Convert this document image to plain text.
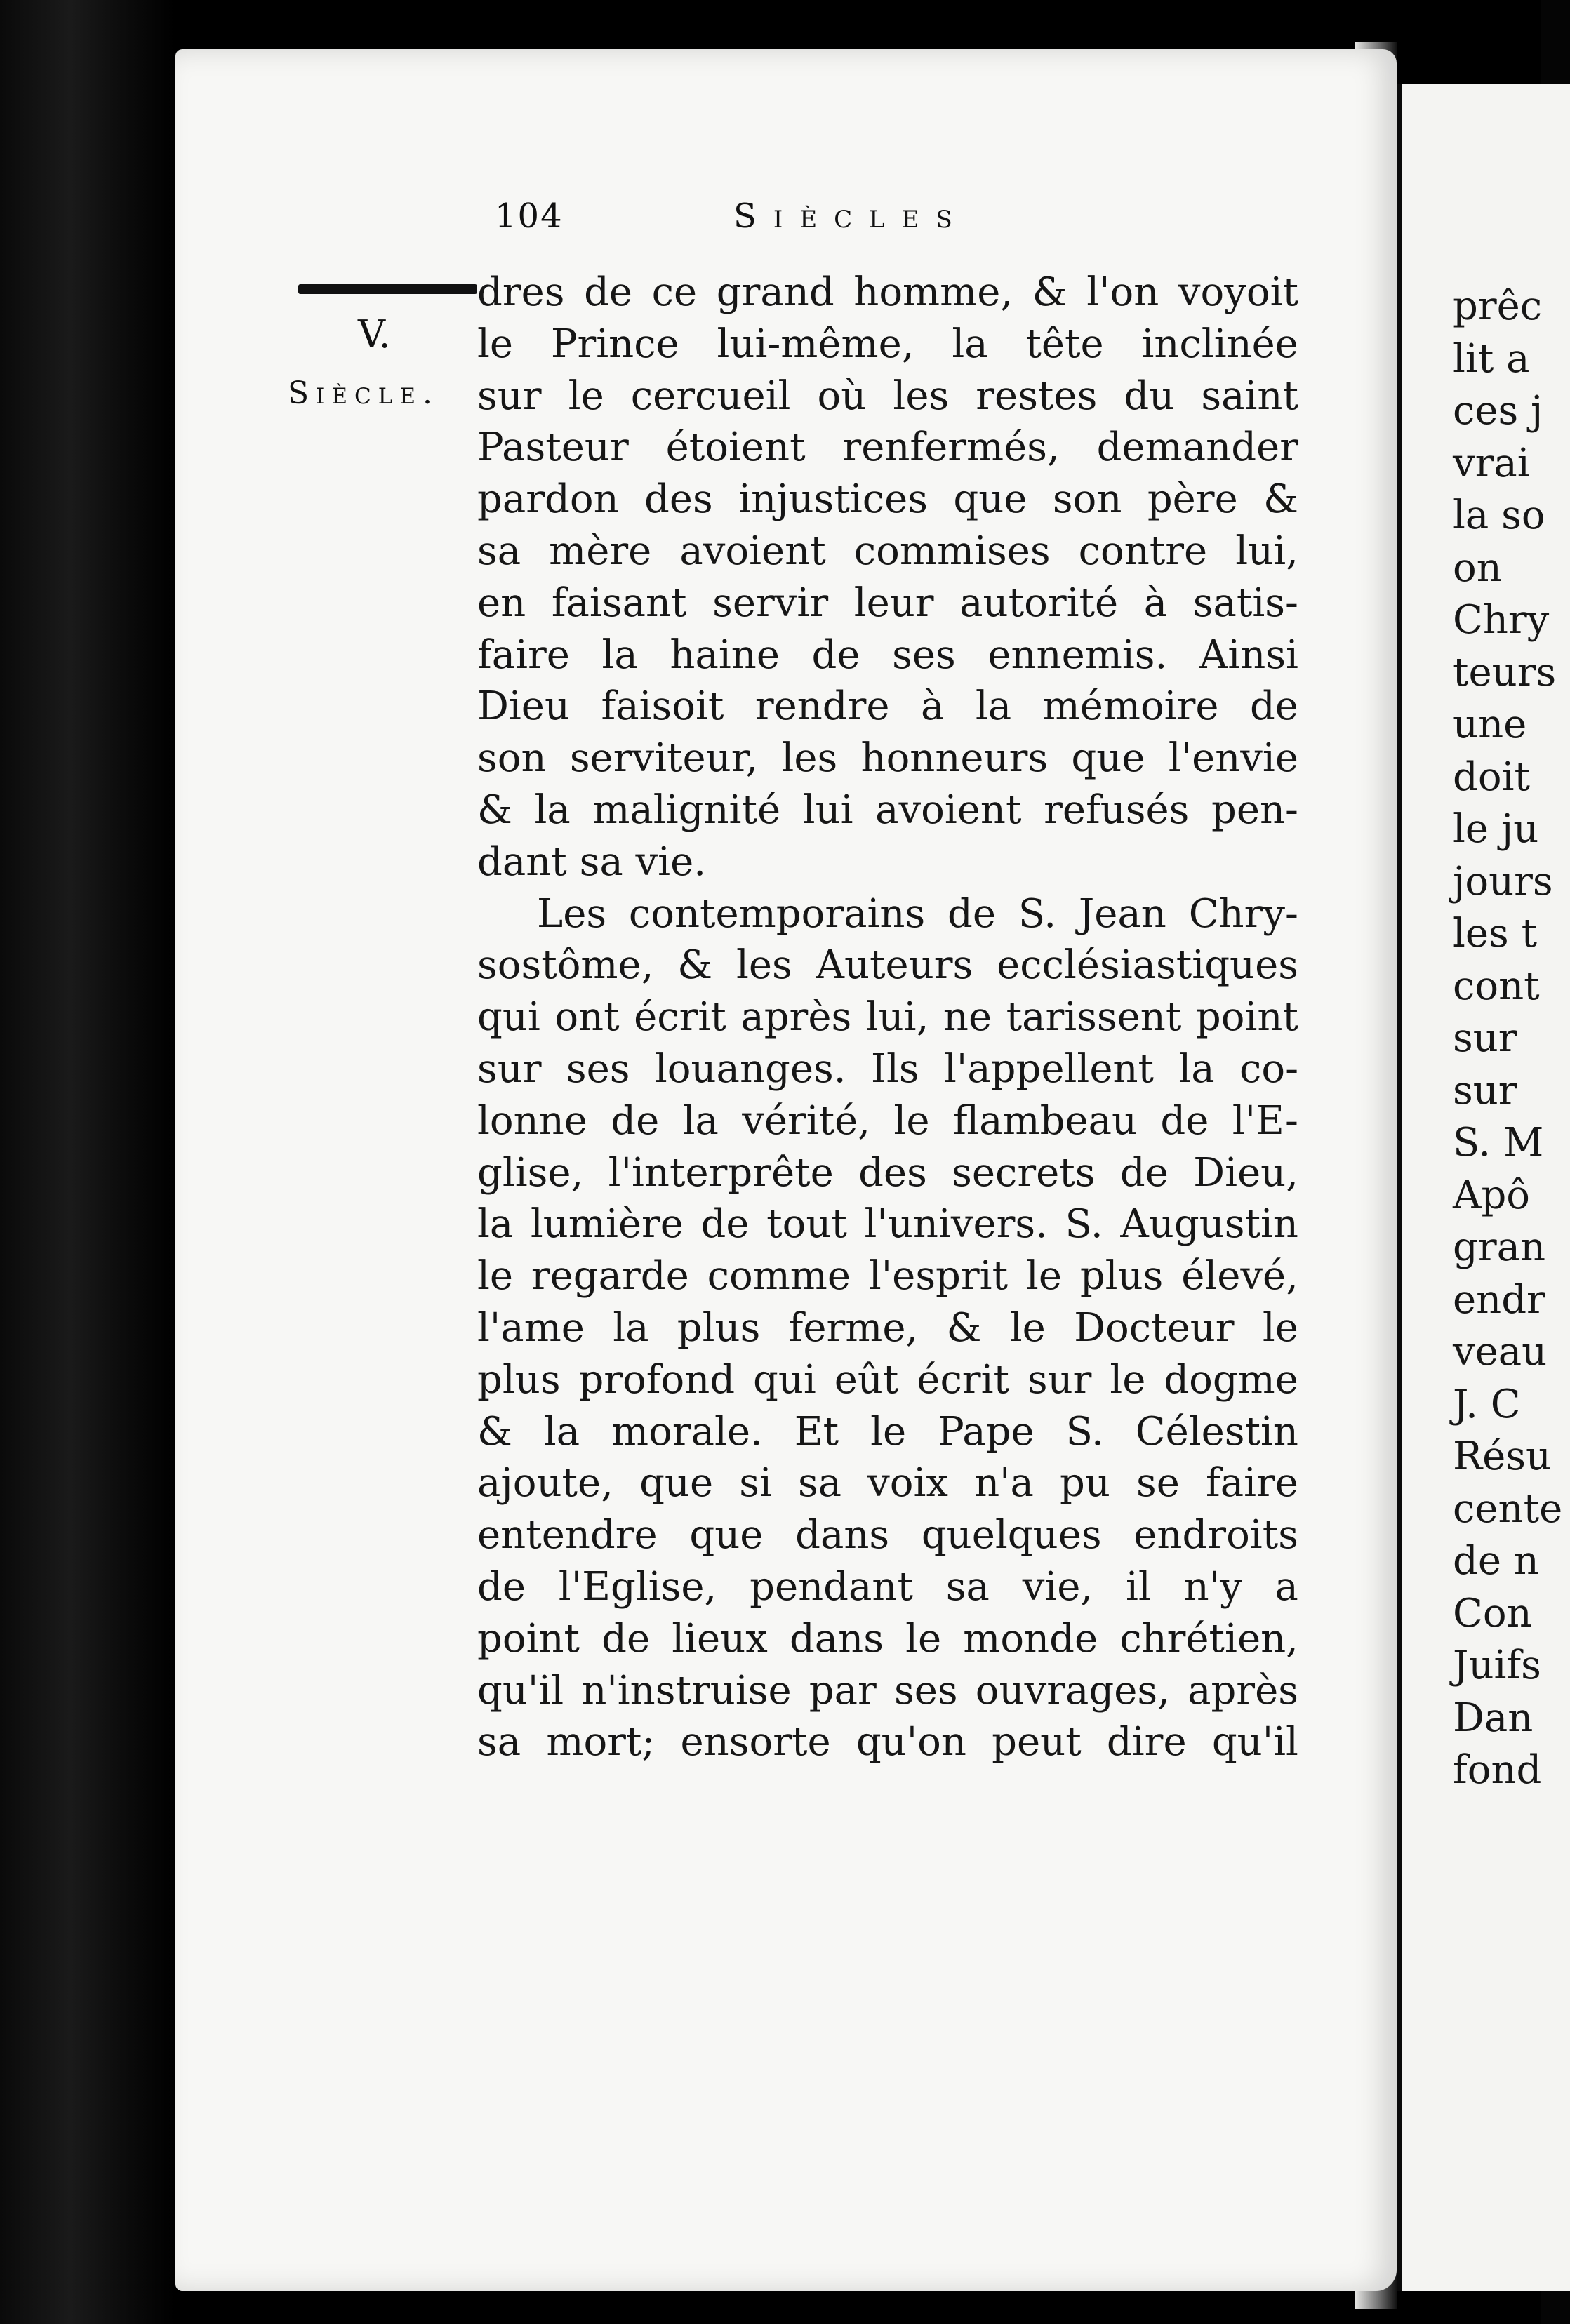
104	Siècles
V.
Siècle.
dres de ce grand homme, & l'on voyoit
le Prince lui-même, la tête inclinée
sur le cercueil où les restes du saint
Pasteur étoient renfermés, demander
pardon des injustices que son père &
sa mère avoient commises contre lui,
en faisant servir leur autorité à satis-
faire la haine de ses ennemis. Ainsi
Dieu faisoit rendre à la mémoire de
son serviteur, les honneurs que l'envie
& la malignité lui avoient refusés pen-
dant sa vie.
Les contemporains de S. Jean Chry-
sostôme, & les Auteurs ecclésiastiques
qui ont écrit après lui, ne tarissent point
sur ses louanges. Ils l'appellent la co-
lonne de la vérité, le flambeau de l'E-
glise, l'interprête des secrets de Dieu,
la lumière de tout l'univers. S. Augustin
le regarde comme l'esprit le plus élevé,
l'ame la plus ferme, & le Docteur le
plus profond qui eût écrit sur le dogme
& la morale. Et le Pape S. Célestin
ajoute, que si sa voix n'a pu se faire
entendre que dans quelques endroits
de l'Eglise, pendant sa vie, il n'y a
point de lieux dans le monde chrétien,
qu'il n'instruise par ses ouvrages, après
sa mort; ensorte qu'on peut dire qu'il
prêc
lit a
ces j
vrai
la so
on
Chry
teurs
une
doit
le ju
jours
les t
cont
sur
sur
S. M
Apô
gran
endr
veau
J. C
Résu
cente
de n
Con
Juifs
Dan
fond
